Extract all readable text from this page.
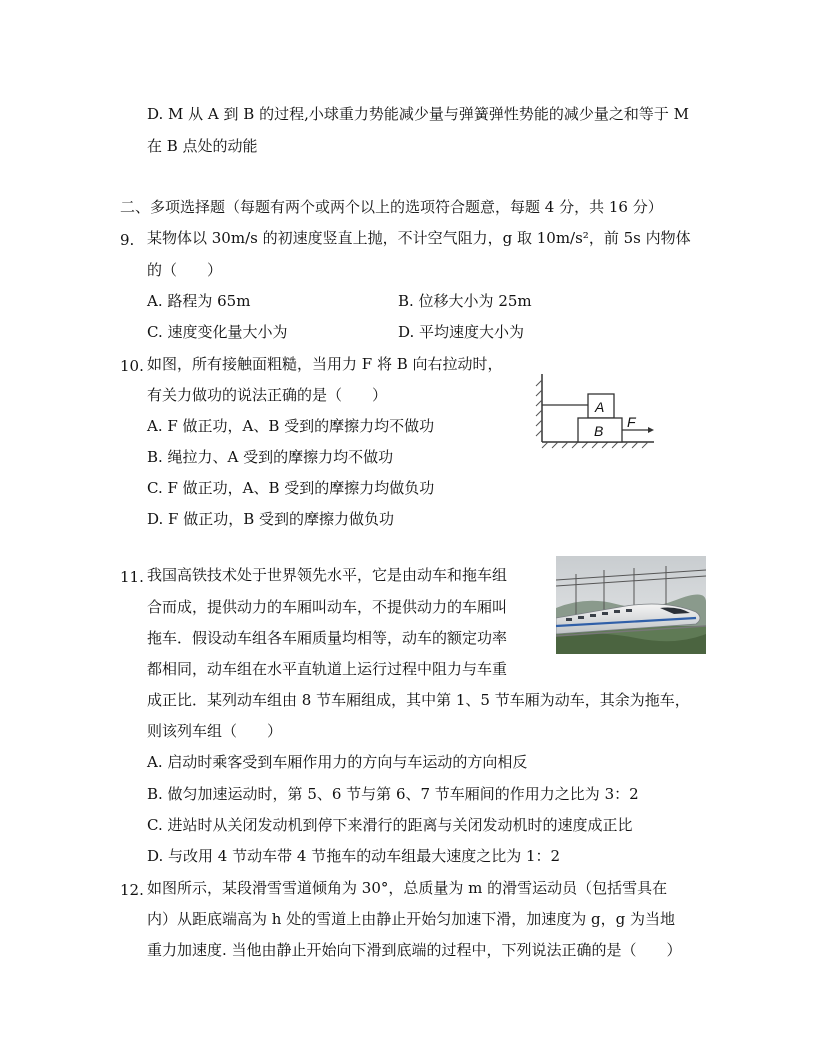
D. M 从 A 到 B 的过程,小球重力势能减少量与弹簧弹性势能的减少量之和等于 M
在 B 点处的动能
二、多项选择题（每题有两个或两个以上的选项符合题意，每题 4 分，共 16 分）
9. 某物体以 30m/s 的初速度竖直上抛，不计空气阻力，g 取 10m/s²，前 5s 内物体
的（　　）
A. 路程为 65m	B. 位移大小为 25m
C. 速度变化量大小为	D. 平均速度大小为
10. 如图，所有接触面粗糙，当用力 F 将 B 向右拉动时，
有关力做功的说法正确的是（　　）
A. F 做正功，A、B 受到的摩擦力均不做功
B. 绳拉力、A 受到的摩擦力均不做功
C. F 做正功，A、B 受到的摩擦力均做负功
D. F 做正功，B 受到的摩擦力做负功
A
B
F
11. 我国高铁技术处于世界领先水平，它是由动车和拖车组
合而成，提供动力的车厢叫动车，不提供动力的车厢叫
拖车．假设动车组各车厢质量均相等，动车的额定功率
都相同，动车组在水平直轨道上运行过程中阻力与车重
成正比．某列动车组由 8 节车厢组成，其中第 1、5 节车厢为动车，其余为拖车，
则该列车组（　　）
A. 启动时乘客受到车厢作用力的方向与车运动的方向相反
B. 做匀加速运动时，第 5、6 节与第 6、7 节车厢间的作用力之比为 3：2
C. 进站时从关闭发动机到停下来滑行的距离与关闭发动机时的速度成正比
D. 与改用 4 节动车带 4 节拖车的动车组最大速度之比为 1：2
12. 如图所示，某段滑雪雪道倾角为 30°，总质量为 m 的滑雪运动员（包括雪具在
内）从距底端高为 h 处的雪道上由静止开始匀加速下滑，加速度为 g，g 为当地
重力加速度. 当他由静止开始向下滑到底端的过程中，下列说法正确的是（　　）
